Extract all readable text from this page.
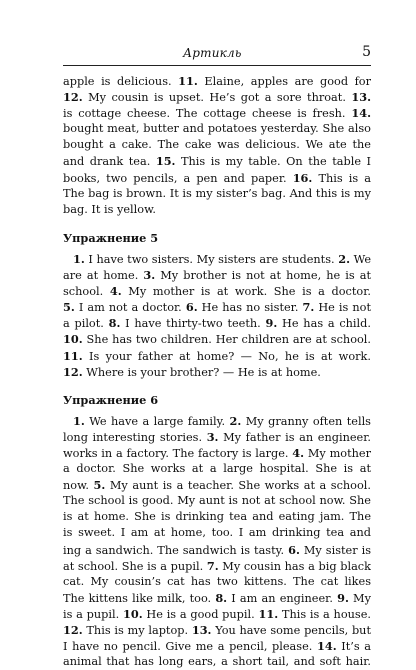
Артикль	5
apple is delicious. 11. Elaine, apples are good for
12. My cousin is upset. He’s got a sore throat. 13.
is cottage cheese. The cottage cheese is fresh. 14.
bought meat, butter and potatoes yesterday. She also
bought a cake. The cake was delicious. We ate the
and drank tea. 15. This is my table. On the table I
books, two pencils, a pen and paper. 16. This is a
The bag is brown. It is my sister’s bag. And this is my
bag. It is yellow.
Упражнение 5
1. I have two sisters. My sisters are students. 2. We
are at home. 3. My brother is not at home, he is at
school. 4. My mother is at work. She is a doctor.
5. I am not a doctor. 6. He has no sister. 7. He is not
a pilot. 8. I have thirty-two teeth. 9. He has a child.
10. She has two children. Her children are at school.
11. Is your father at home? — No, he is at work.
12. Where is your brother? — He is at home.
Упражнение 6
1. We have a large family. 2. My granny often tells
long interesting stories. 3. My father is an engineer.
works in a factory. The factory is large. 4. My mother
a doctor. She works at a large hospital. She is at
now. 5. My aunt is a teacher. She works at a school.
The school is good. My aunt is not at school now. She
is at home. She is drinking tea and eating jam. The
is sweet. I am at home, too. I am drinking tea and
ing a sandwich. The sandwich is tasty. 6. My sister is
at school. She is a pupil. 7. My cousin has a big black
cat. My cousin’s cat has two kittens. The cat likes
The kittens like milk, too. 8. I am an engineer. 9. My
is a pupil. 10. He is a good pupil. 11. This is a house.
12. This is my laptop. 13. You have some pencils, but
I have no pencil. Give me a pencil, please. 14. It’s a
animal that has long ears, a short tail, and soft hair.
